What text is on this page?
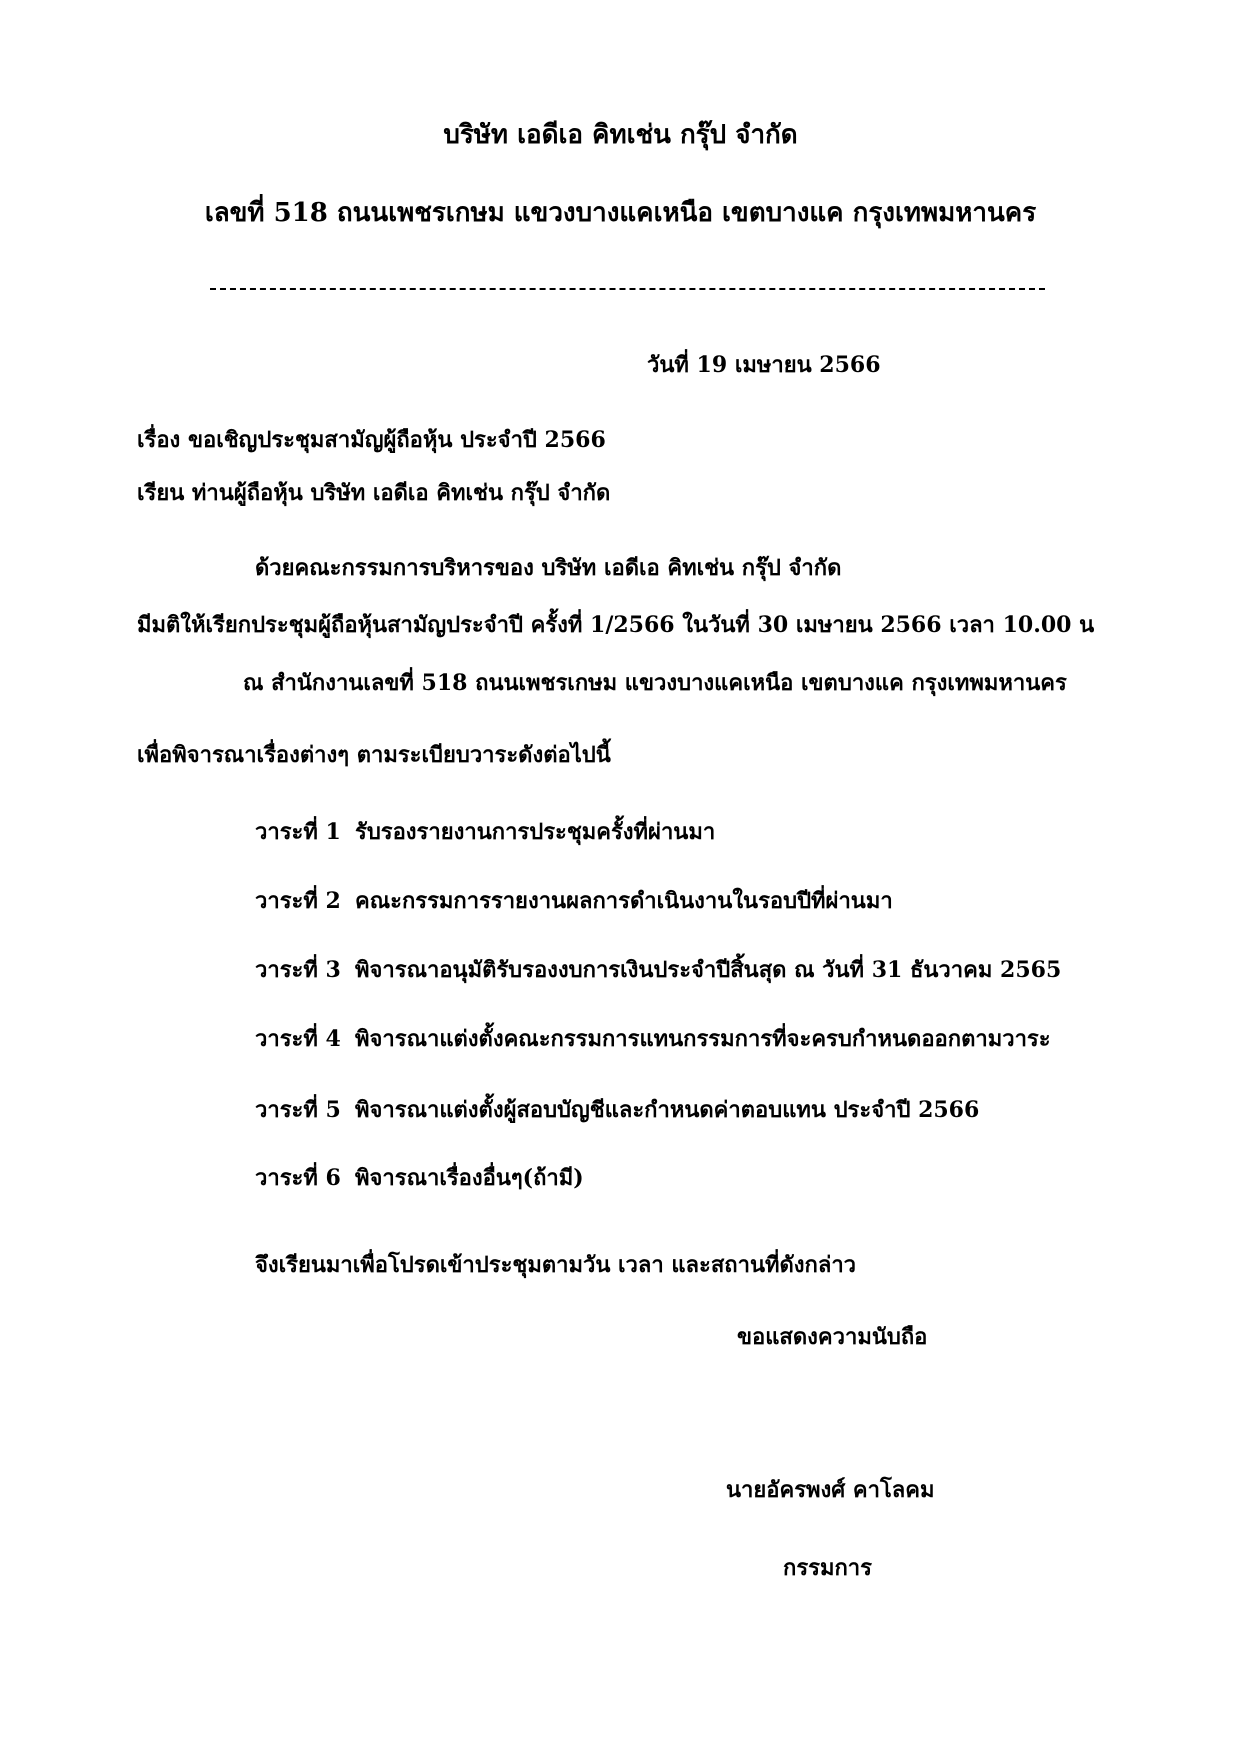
บริษัท เอดีเอ คิทเช่น กรุ๊ป จำกัด
เลขที่ 518 ถนนเพชรเกษม แขวงบางแคเหนือ เขตบางแค กรุงเทพมหานคร
วันที่ 19 เมษายน 2566
เรื่อง ขอเชิญประชุมสามัญผู้ถือหุ้น ประจำปี 2566
เรียน ท่านผู้ถือหุ้น บริษัท เอดีเอ คิทเช่น กรุ๊ป จำกัด
ด้วยคณะกรรมการบริหารของ บริษัท เอดีเอ คิทเช่น กรุ๊ป จำกัด
มีมติให้เรียกประชุมผู้ถือหุ้นสามัญประจำปี ครั้งที่ 1/2566 ในวันที่ 30 เมษายน 2566 เวลา 10.00 น
ณ สำนักงานเลขที่ 518 ถนนเพชรเกษม แขวงบางแคเหนือ เขตบางแค กรุงเทพมหานคร
เพื่อพิจารณาเรื่องต่างๆ ตามระเบียบวาระดังต่อไปนี้
วาระที่ 1 รับรองรายงานการประชุมครั้งที่ผ่านมา
วาระที่ 2 คณะกรรมการรายงานผลการดำเนินงานในรอบปีที่ผ่านมา
วาระที่ 3 พิจารณาอนุมัติรับรองงบการเงินประจำปีสิ้นสุด ณ วันที่ 31 ธันวาคม 2565
วาระที่ 4 พิจารณาแต่งตั้งคณะกรรมการแทนกรรมการที่จะครบกำหนดออกตามวาระ
วาระที่ 5 พิจารณาแต่งตั้งผู้สอบบัญชีและกำหนดค่าตอบแทน ประจำปี 2566
วาระที่ 6 พิจารณาเรื่องอื่นๆ(ถ้ามี)
จึงเรียนมาเพื่อโปรดเข้าประชุมตามวัน เวลา และสถานที่ดังกล่าว
ขอแสดงความนับถือ
นายอัครพงศ์ คาโลคม
กรรมการ
